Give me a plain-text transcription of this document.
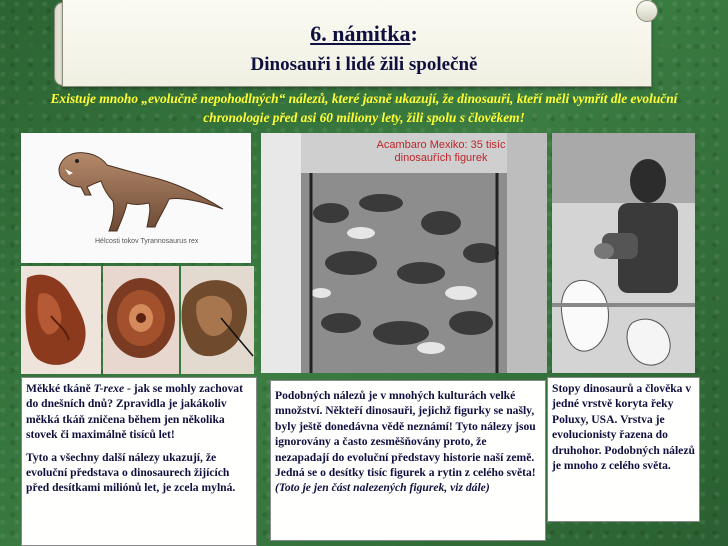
6. námitka:
Dinosauři i lidé žili společně
Existuje mnoho „evolučně nepohodlných“ nálezů, které jasně ukazují, že dinosauři, kteří měli vymřít dle evoluční chronologie před asi 60 miliony lety, žili spolu s člověkem!
Hélcosti tokov Tyrannosaurus rex
Acambaro Mexiko: 35 tisíc dinosauřích figurek

Měkké tkáně T-rexe - jak se mohly zachovat do dnešních dnů? Zpravidla je jakákoliv měkká tkáň zničena během jen několika stovek či maximálně tisíců let!

Tyto a všechny další nálezy ukazují, že evoluční představa o dinosaurech žijících před desítkami miliónů let, je zcela mylná.

Podobných nálezů je v mnohých kulturách velké množství. Někteří dinosauři, jejichž figurky se našly, byly ještě donedávna vědě neznámí! Tyto nálezy jsou ignorovány a často zesměšňovány proto, že nezapadají do evoluční představy historie naší země. Jedná se o desítky tisíc figurek a rytin z celého světa!
(Toto je jen část nalezených figurek, viz dále)
Stopy dinosaurů a člověka v jedné vrstvě koryta řeky Poluxy, USA. Vrstva je evolucionisty řazena do druhohor. Podobných nálezů je mnoho z celého světa.
